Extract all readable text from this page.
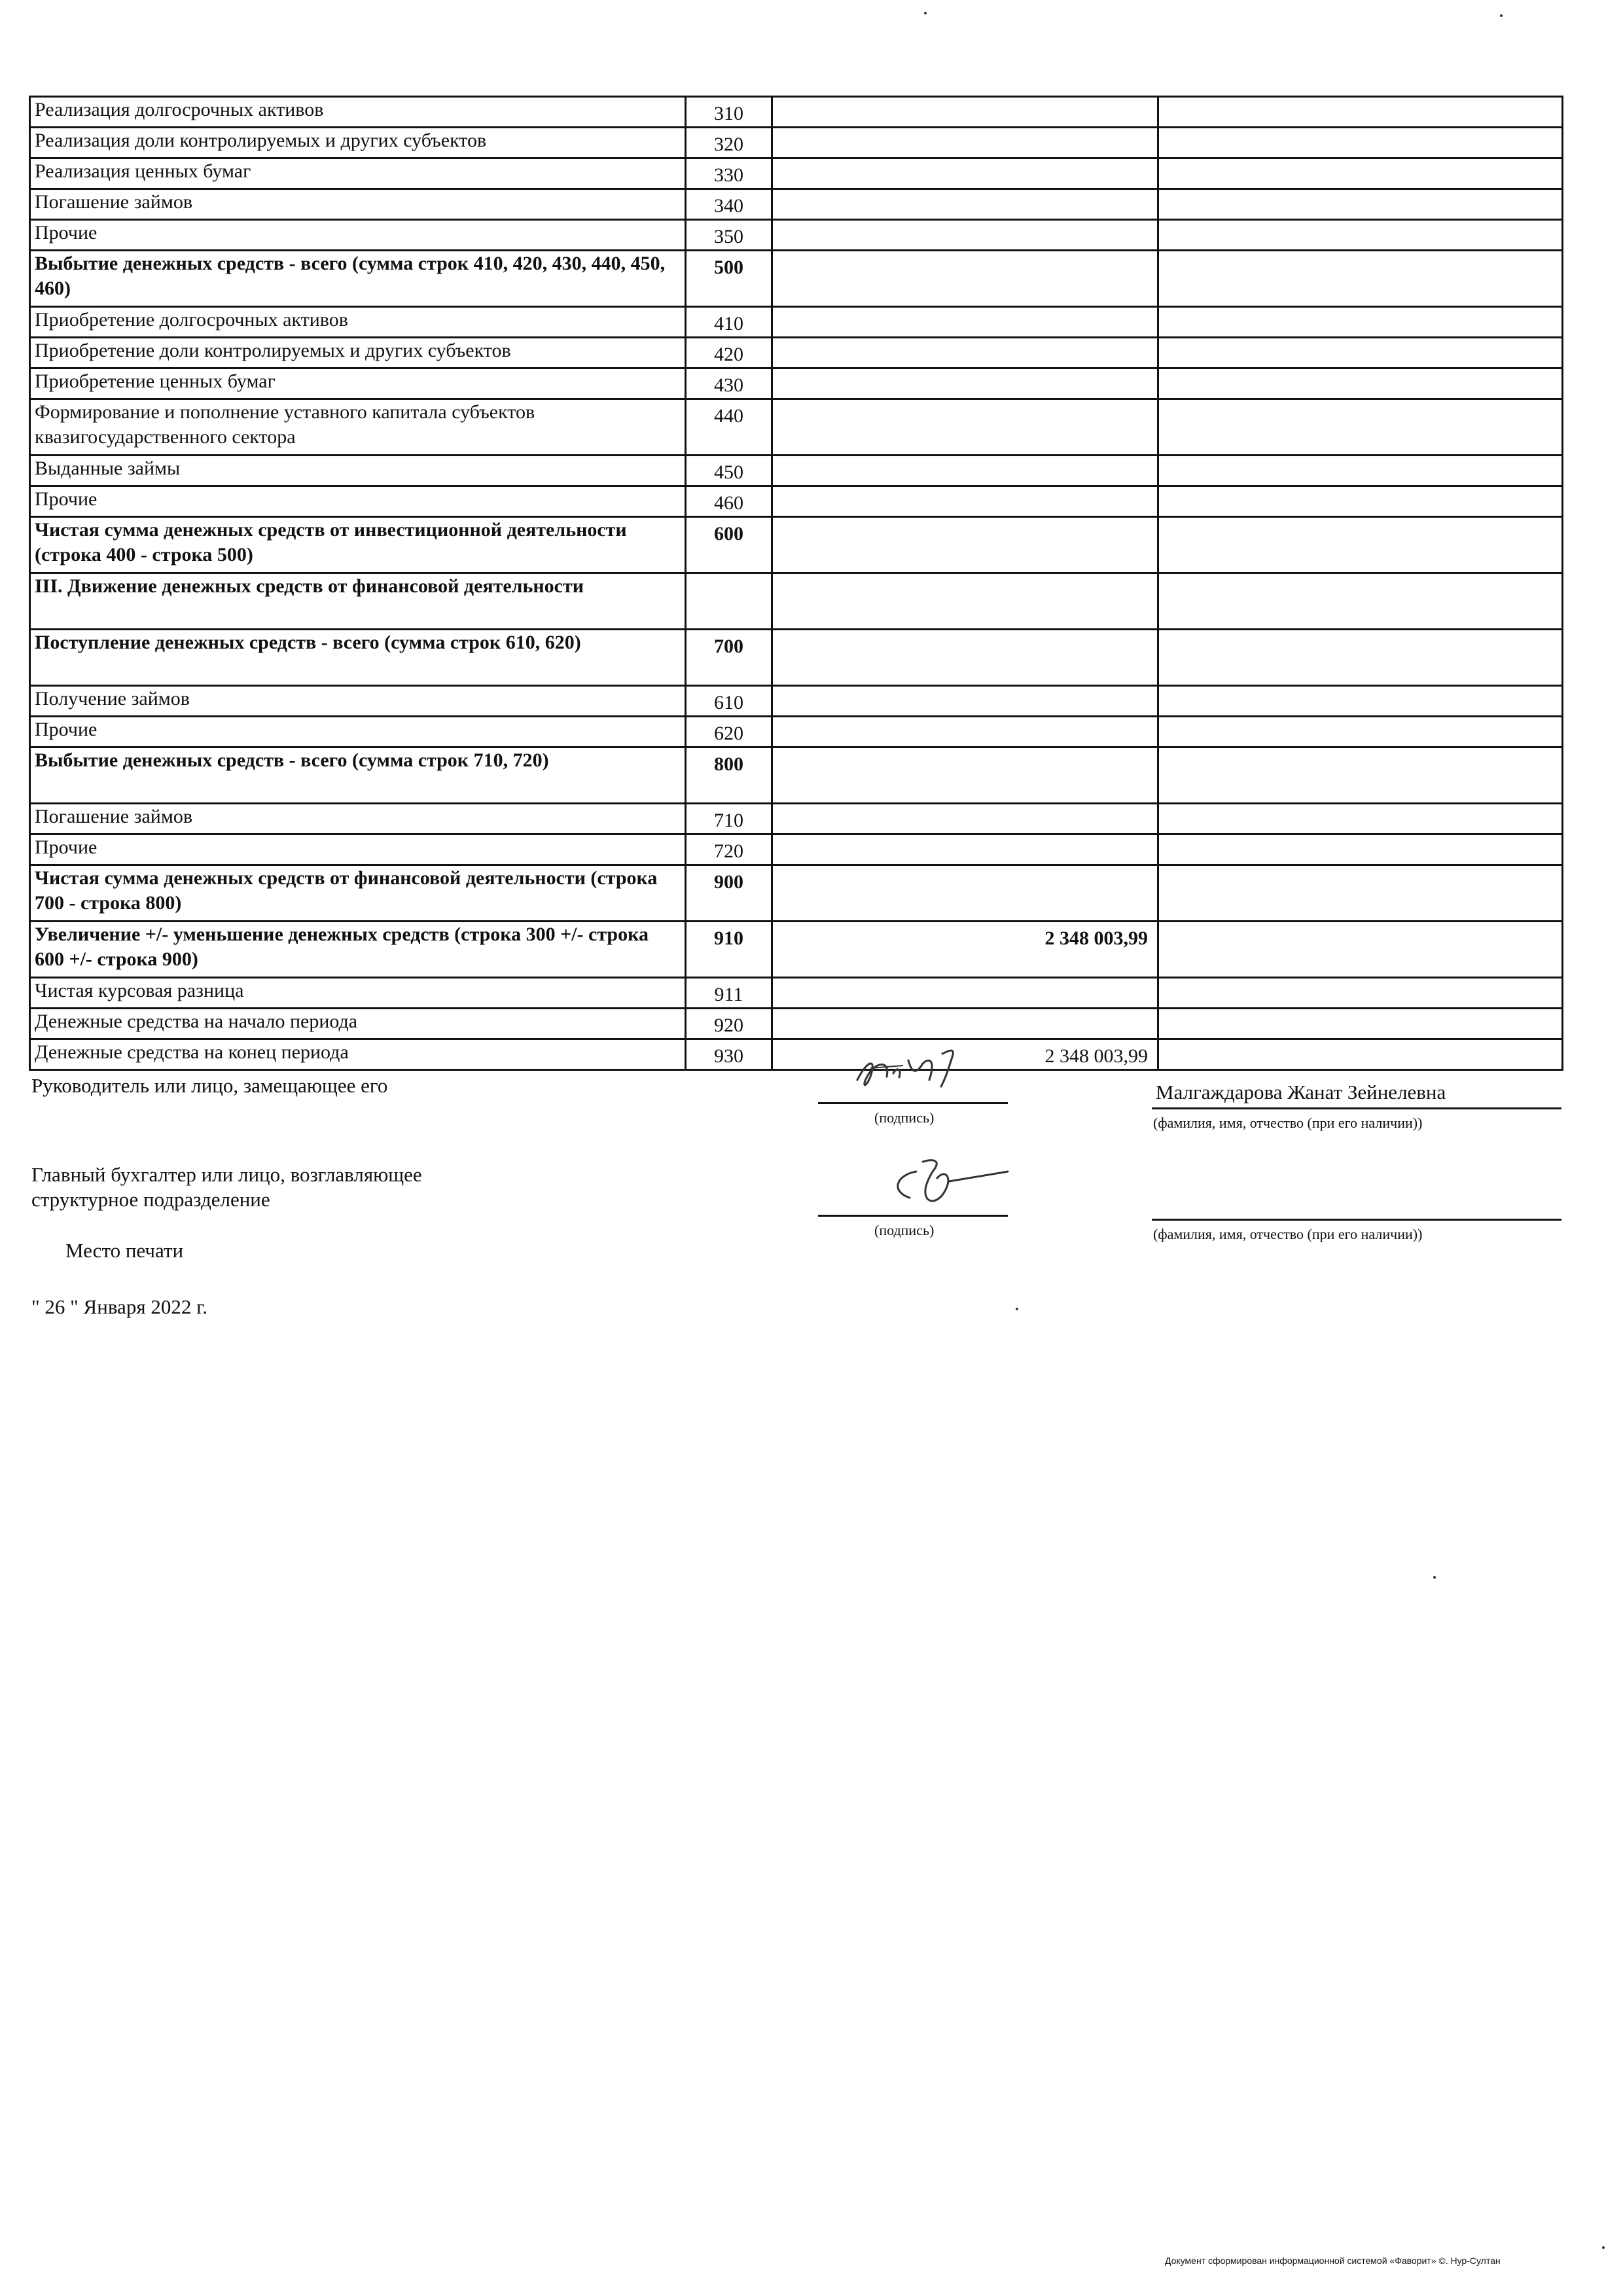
Реализация долгосрочных активов	310		
Реализация доли контролируемых и других субъектов	320		
Реализация ценных бумаг	330		
Погашение займов	340		
Прочие	350		
Выбытие денежных средств - всего (сумма строк 410, 420, 430, 440, 450, 460)	500		
Приобретение долгосрочных активов	410		
Приобретение доли контролируемых и других субъектов	420		
Приобретение ценных бумаг	430		
Формирование и пополнение уставного капитала субъектов квазигосударственного сектора	440		
Выданные займы	450		
Прочие	460		
Чистая сумма денежных средств от инвестиционной деятельности (строка 400 - строка 500)	600		
III. Движение денежных средств от финансовой деятельности			
Поступление денежных средств - всего (сумма строк 610, 620)	700		
Получение займов	610		
Прочие	620		
Выбытие денежных средств - всего (сумма строк 710, 720)	800		
Погашение займов	710		
Прочие	720		
Чистая сумма денежных средств от финансовой деятельности (строка 700 - строка 800)	900		
Увеличение +/- уменьшение денежных средств (строка 300 +/- строка 600 +/- строка 900)	910	2 348 003,99	
Чистая курсовая разница	911		
Денежные средства на начало периода	920		
Денежные средства на конец периода	930	2 348 003,99	
Руководитель или лицо, замещающее его
(подпись)
Малгаждарова Жанат Зейнелевна
(фамилия, имя, отчество (при его наличии))
Главный бухгалтер или лицо, возглавляющее
структурное подразделение
(подпись)	(фамилия, имя, отчество (при его наличии))
Место печати
" 26 " Января 2022 г.
Документ сформирован информационной системой «Фаворит» ©. Нур-Султан
